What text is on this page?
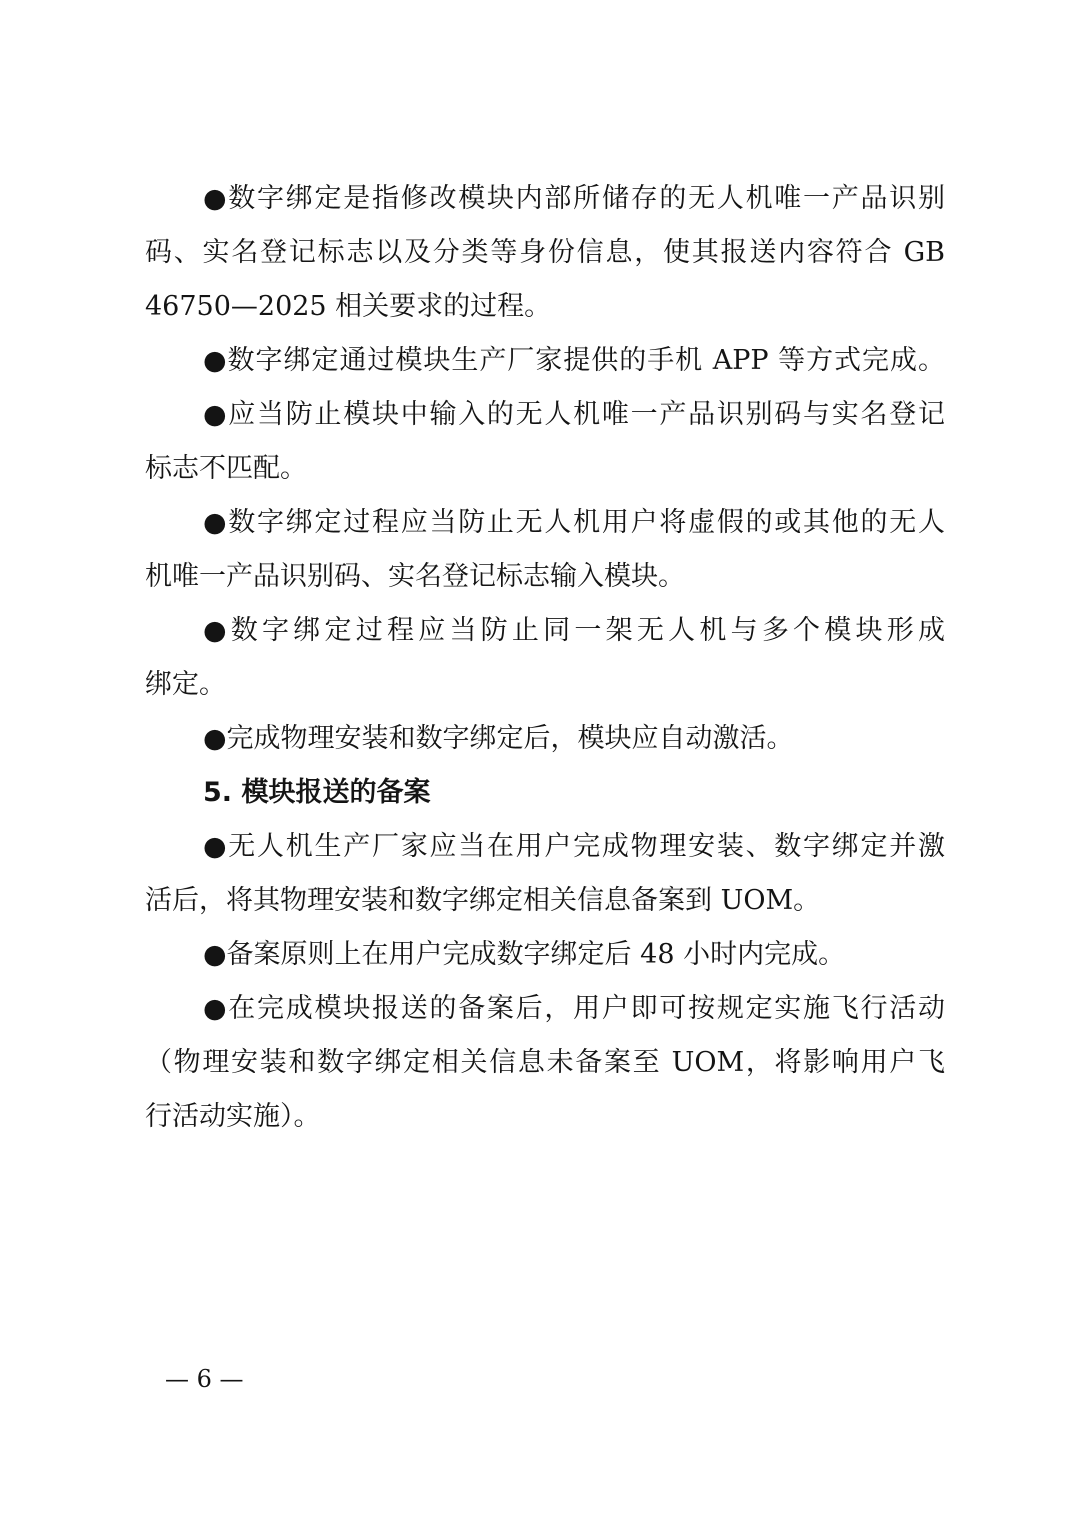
●数字绑定是指修改模块内部所储存的无人机唯一产品识别
码、实名登记标志以及分类等身份信息，使其报送内容符合 GB
46750—2025 相关要求的过程。
●数字绑定通过模块生产厂家提供的手机 APP 等方式完成。
●应当防止模块中输入的无人机唯一产品识别码与实名登记
标志不匹配。
●数字绑定过程应当防止无人机用户将虚假的或其他的无人
机唯一产品识别码、实名登记标志输入模块。
●数字绑定过程应当防止同一架无人机与多个模块形成
绑定。
●完成物理安装和数字绑定后，模块应自动激活。
5. 模块报送的备案
●无人机生产厂家应当在用户完成物理安装、数字绑定并激
活后，将其物理安装和数字绑定相关信息备案到 UOM。
●备案原则上在用户完成数字绑定后 48 小时内完成。
●在完成模块报送的备案后，用户即可按规定实施飞行活动
（物理安装和数字绑定相关信息未备案至 UOM，将影响用户飞
行活动实施）。
— 6 —
